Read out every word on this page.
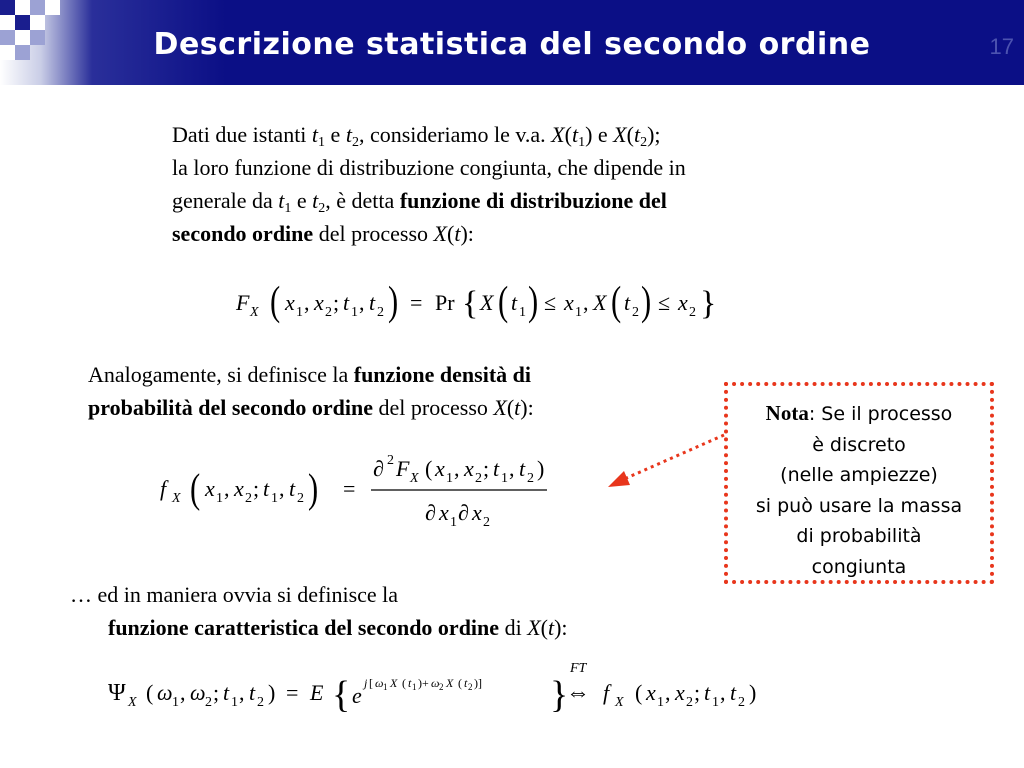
Descrizione statistica del secondo ordine	17
Dati due istanti $t_1$ e $t_2$, consideriamo le v.a. $X(t_1)$ e $X(t_2)$;
la loro funzione di distribuzione congiunta, che dipende in
generale da $t_1$ e $t_2$, è detta funzione di distribuzione del
secondo ordine del processo X(t):
F X ( x 1 , x 2 ; t 1 , t 2 ) = Pr { X ( t 1 ) ≤ x 1 , X ( t 2 ) ≤ x 2 }
Analogamente, si definisce la funzione densità di
probabilità del secondo ordine del processo X(t):
f X ( x 1 , x 2 ; t 1 , t 2 ) =
∂ 2 F X ( x 1 , x 2 ; t 1 , t 2 )
∂ x 1 ∂ x 2
Nota: Se il processo
è discreto
(nelle ampiezze)
si può usare la massa
di probabilità
congiunta
… ed in maniera ovvia si definisce la
funzione caratteristica del secondo ordine di X(t):
Ψ X ( ω 1 , ω 2 ; t 1 , t 2 ) = E { e j [ ω 1 X ( t 1 )+ ω 2 X ( t 2 )] }
FT
⇔ f X ( x 1 , x 2 ; t 1 , t 2 )
